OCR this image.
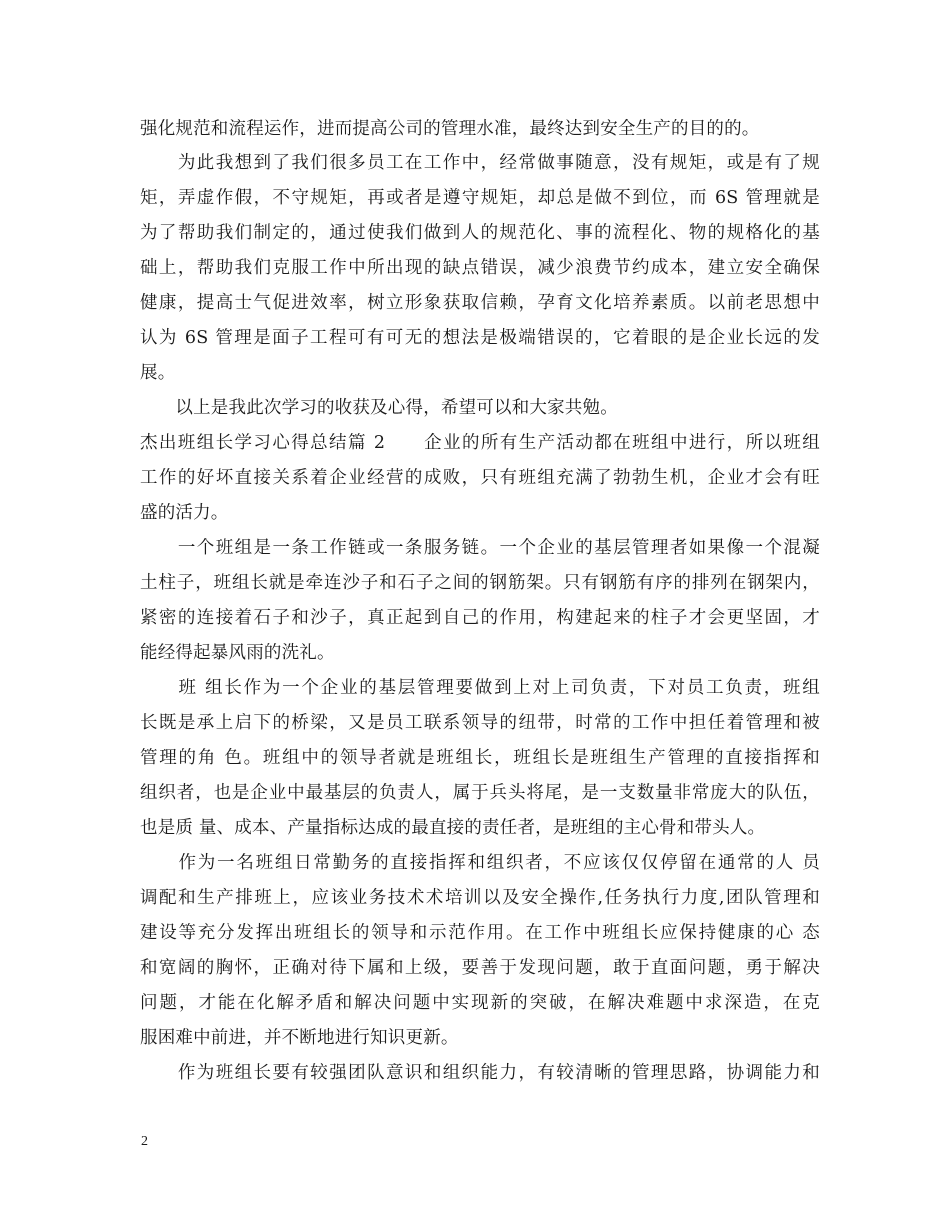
强化规范和流程运作，进而提高公司的管理水准，最终达到安全生产的目的的。
　　为此我想到了我们很多员工在工作中，经常做事随意，没有规矩，或是有了规
矩，弄虚作假，不守规矩，再或者是遵守规矩，却总是做不到位，而 6S 管理就是
为了帮助我们制定的，通过使我们做到人的规范化、事的流程化、物的规格化的基
础上，帮助我们克服工作中所出现的缺点错误，减少浪费节约成本，建立安全确保
健康，提高士气促进效率，树立形象获取信赖，孕育文化培养素质。以前老思想中
认为 6S 管理是面子工程可有可无的想法是极端错误的，它着眼的是企业长远的发
展。
　　以上是我此次学习的收获及心得，希望可以和大家共勉。
杰出班组长学习心得总结篇 2　　企业的所有生产活动都在班组中进行，所以班组
工作的好坏直接关系着企业经营的成败，只有班组充满了勃勃生机，企业才会有旺
盛的活力。
　　一个班组是一条工作链或一条服务链。一个企业的基层管理者如果像一个混凝
土柱子，班组长就是牵连沙子和石子之间的钢筋架。只有钢筋有序的排列在钢架内，
紧密的连接着石子和沙子，真正起到自己的作用，构建起来的柱子才会更坚固，才
能经得起暴风雨的洗礼。
　　班 组长作为一个企业的基层管理要做到上对上司负责，下对员工负责，班组
长既是承上启下的桥梁，又是员工联系领导的纽带，时常的工作中担任着管理和被
管理的角 色。班组中的领导者就是班组长，班组长是班组生产管理的直接指挥和
组织者，也是企业中最基层的负责人，属于兵头将尾，是一支数量非常庞大的队伍，
也是质 量、成本、产量指标达成的最直接的责任者，是班组的主心骨和带头人。
　　作为一名班组日常勤务的直接指挥和组织者，不应该仅仅停留在通常的人 员
调配和生产排班上，应该业务技术术培训以及安全操作,任务执行力度,团队管理和
建设等充分发挥出班组长的领导和示范作用。在工作中班组长应保持健康的心 态
和宽阔的胸怀，正确对待下属和上级，要善于发现问题，敢于直面问题，勇于解决
问题，才能在化解矛盾和解决问题中实现新的突破，在解决难题中求深造，在克
服困难中前进，并不断地进行知识更新。
　　作为班组长要有较强团队意识和组织能力，有较清晰的管理思路，协调能力和
2
